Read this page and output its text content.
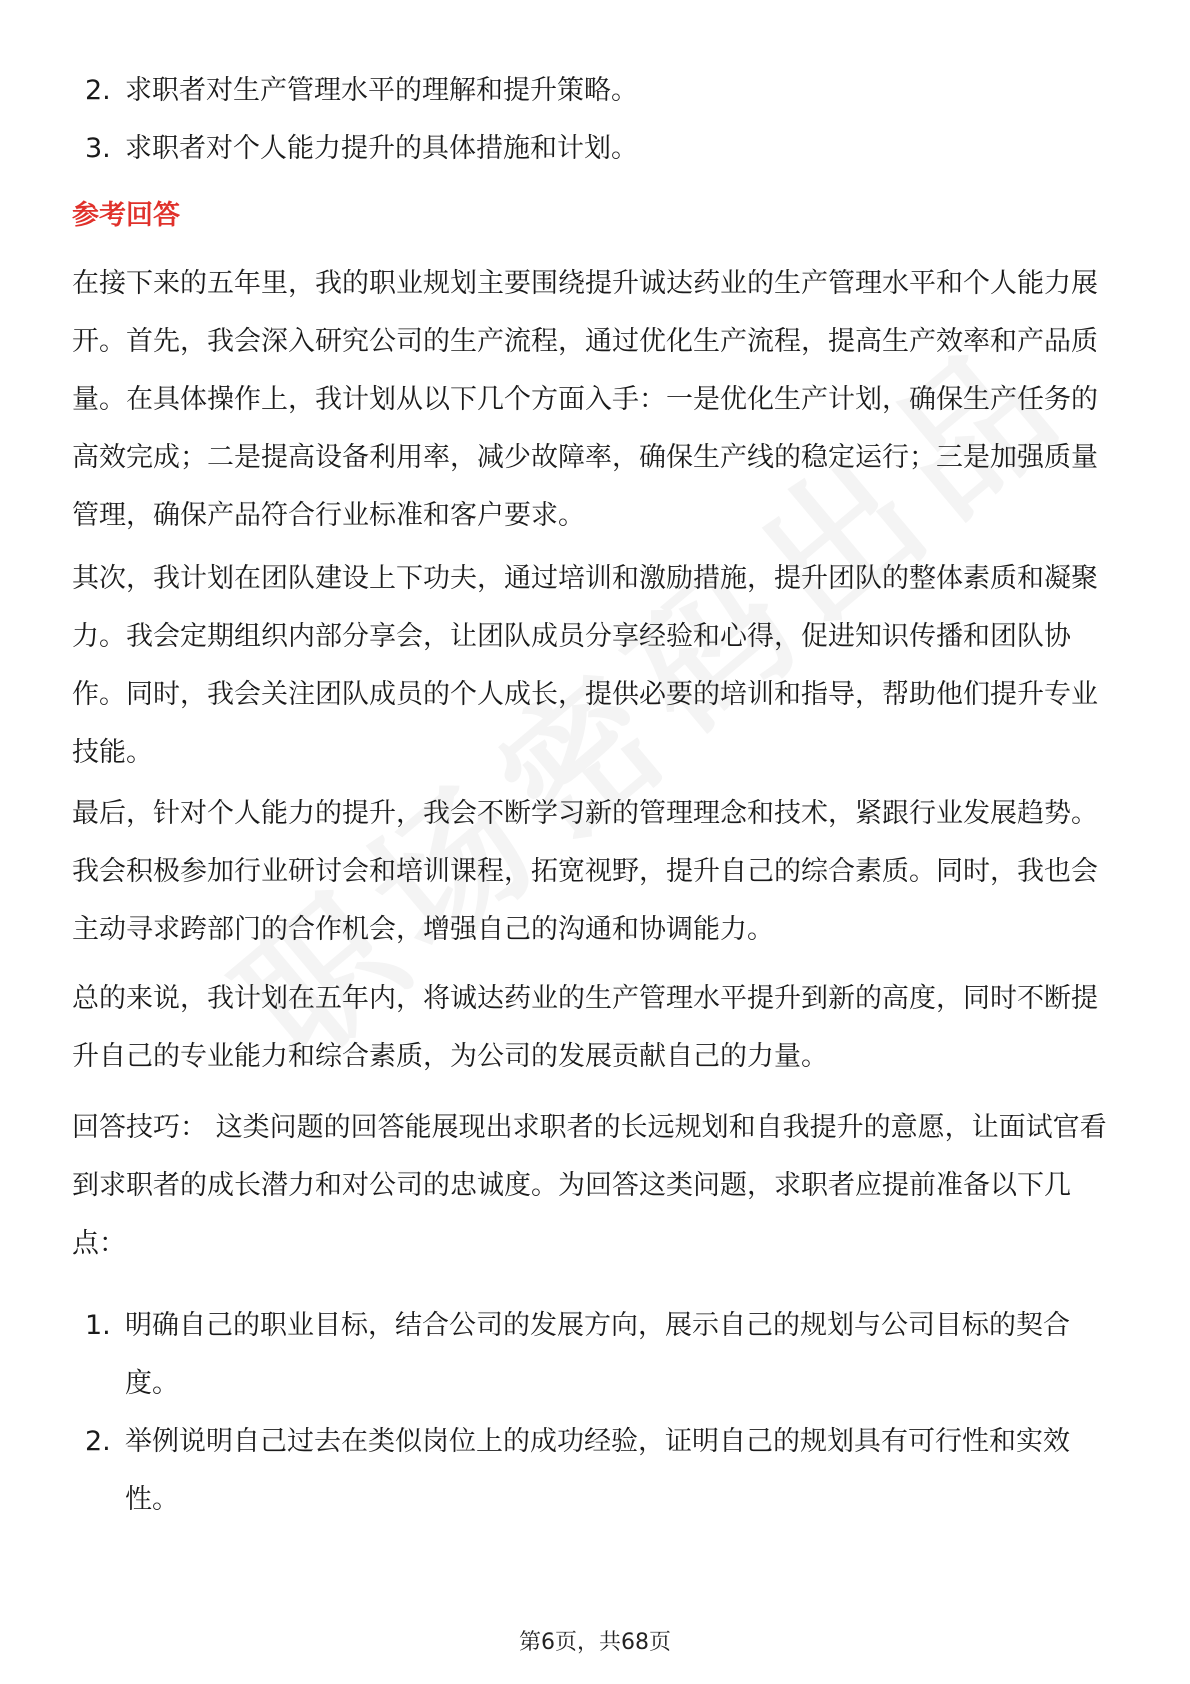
2. 求职者对生产管理水平的理解和提升策略。
3. 求职者对个人能力提升的具体措施和计划。
参考回答

在接下来的五年里，我的职业规划主要围绕提升诚达药业的生产管理水平和个人能力展开。首先，我会深入研究公司的生产流程，通过优化生产流程，提高生产效率和产品质量。在具体操作上，我计划从以下几个方面入手：一是优化生产计划，确保生产任务的高效完成；二是提高设备利用率，减少故障率，确保生产线的稳定运行；三是加强质量管理，确保产品符合行业标准和客户要求。

其次，我计划在团队建设上下功夫，通过培训和激励措施，提升团队的整体素质和凝聚力。我会定期组织内部分享会，让团队成员分享经验和心得，促进知识传播和团队协作。同时，我会关注团队成员的个人成长，提供必要的培训和指导，帮助他们提升专业技能。

最后，针对个人能力的提升，我会不断学习新的管理理念和技术，紧跟行业发展趋势。我会积极参加行业研讨会和培训课程，拓宽视野，提升自己的综合素质。同时，我也会主动寻求跨部门的合作机会，增强自己的沟通和协调能力。

总的来说，我计划在五年内，将诚达药业的生产管理水平提升到新的高度，同时不断提升自己的专业能力和综合素质，为公司的发展贡献自己的力量。

回答技巧： 这类问题的回答能展现出求职者的长远规划和自我提升的意愿，让面试官看到求职者的成长潜力和对公司的忠诚度。为回答这类问题，求职者应提前准备以下几点：

1. 明确自己的职业目标，结合公司的发展方向，展示自己的规划与公司目标的契合度。
2. 举例说明自己过去在类似岗位上的成功经验，证明自己的规划具有可行性和实效性。
第6页，共68页
